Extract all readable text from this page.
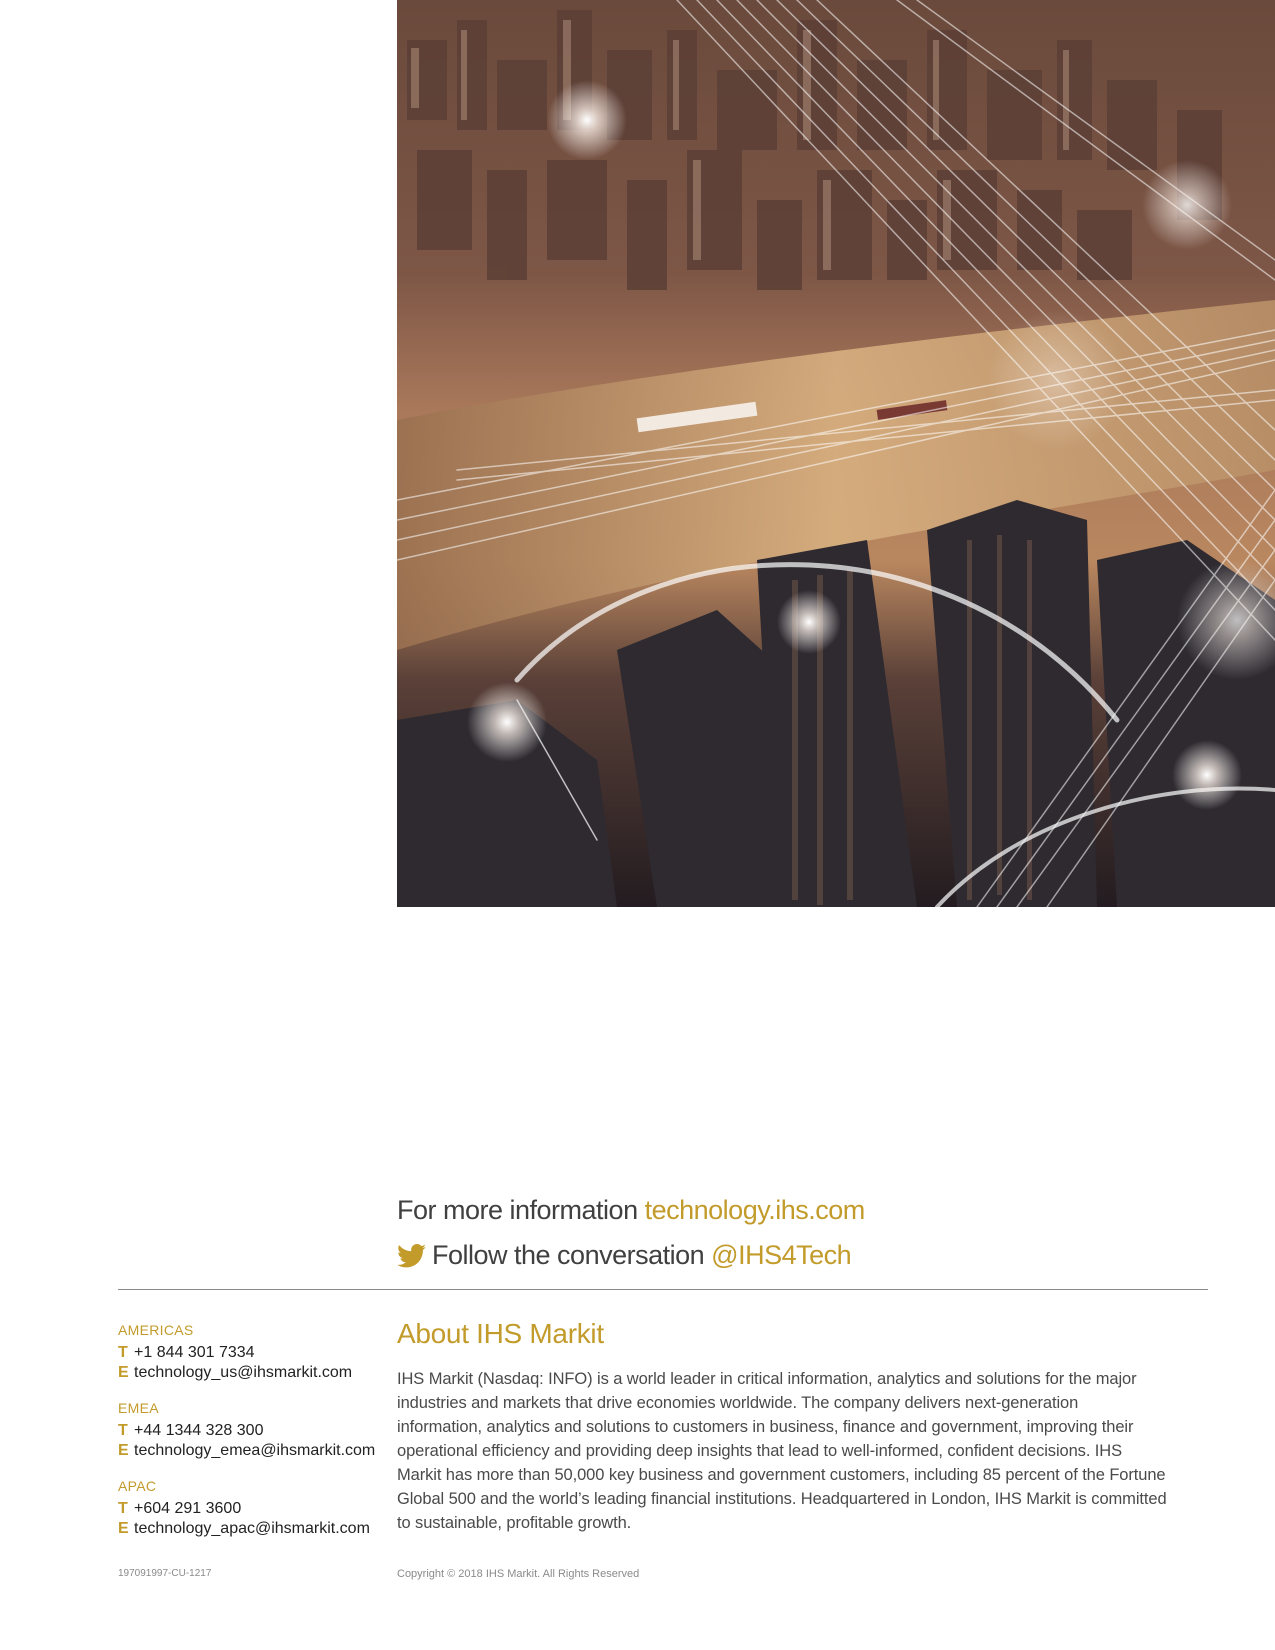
For more information technology.ihs.com
Follow the conversation
@IHS4Tech
AMERICAS
T +1 844 301 7334
E technology_us@ihsmarkit.com
EMEA
T +44 1344 328 300
E technology_emea@ihsmarkit.com
APAC
T +604 291 3600
E technology_apac@ihsmarkit.com
About IHS Markit

IHS Markit (Nasdaq: INFO) is a world leader in critical information, analytics and solutions for the major industries and markets that drive economies worldwide. The company delivers next-generation information, analytics and solutions to customers in business, finance and government, improving their operational efficiency and providing deep insights that lead to well-informed, confident decisions. IHS Markit has more than 50,000 key business and government customers, including 85 percent of the Fortune Global 500 and the world’s leading financial institutions. Headquartered in London, IHS Markit is committed to sustainable, profitable growth.

197091997-CU-1217	Copyright © 2018 IHS Markit. All Rights Reserved
